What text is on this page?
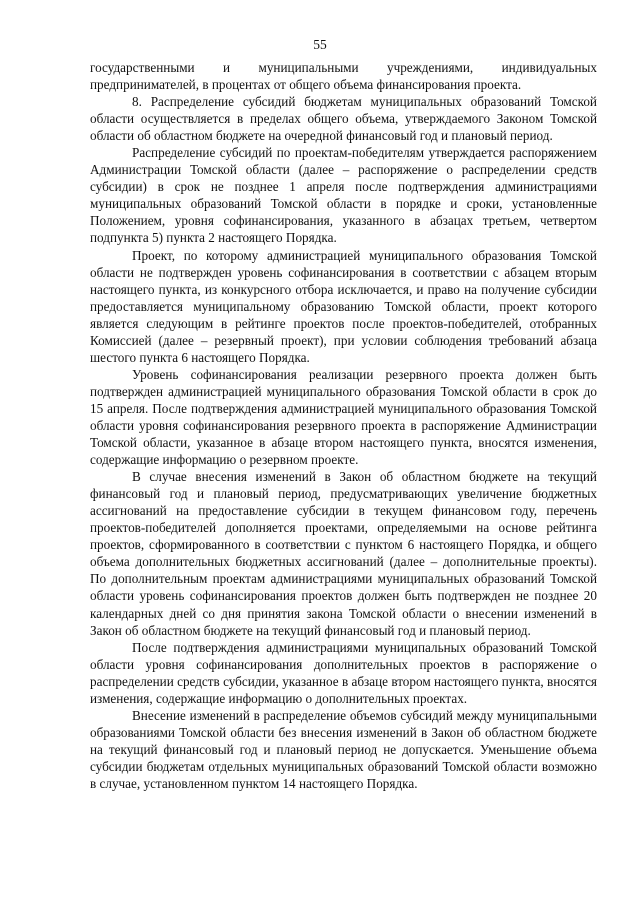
55

государственными и муниципальными учреждениями, индивидуальных предпринимателей, в процентах от общего объема финансирования проекта.

8. Распределение субсидий бюджетам муниципальных образований Томской области осуществляется в пределах общего объема, утверждаемого Законом Томской области об областном бюджете на очередной финансовый год и плановый период.

Распределение субсидий по проектам-победителям утверждается распоряжением Администрации Томской области (далее – распоряжение о распределении средств субсидии) в срок не позднее 1 апреля после подтверждения администрациями муниципальных образований Томской области в порядке и сроки, установленные Положением, уровня софинансирования, указанного в абзацах третьем, четвертом подпункта 5) пункта 2 настоящего Порядка.

Проект, по которому администрацией муниципального образования Томской области не подтвержден уровень софинансирования в соответствии с абзацем вторым настоящего пункта, из конкурсного отбора исключается, и право на получение субсидии предоставляется муниципальному образованию Томской области, проект которого является следующим в рейтинге проектов после проектов-победителей, отобранных Комиссией (далее – резервный проект), при условии соблюдения требований абзаца шестого пункта 6 настоящего Порядка.

Уровень софинансирования реализации резервного проекта должен быть подтвержден администрацией муниципального образования Томской области в срок до 15 апреля. После подтверждения администрацией муниципального образования Томской области уровня софинансирования резервного проекта в распоряжение Администрации Томской области, указанное в абзаце втором настоящего пункта, вносятся изменения, содержащие информацию о резервном проекте.

В случае внесения изменений в Закон об областном бюджете на текущий финансовый год и плановый период, предусматривающих увеличение бюджетных ассигнований на предоставление субсидии в текущем финансовом году, перечень проектов-победителей дополняется проектами, определяемыми на основе рейтинга проектов, сформированного в соответствии с пунктом 6 настоящего Порядка, и общего объема дополнительных бюджетных ассигнований (далее – дополнительные проекты). По дополнительным проектам администрациями муниципальных образований Томской области уровень софинансирования проектов должен быть подтвержден не позднее 20 календарных дней со дня принятия закона Томской области о внесении изменений в Закон об областном бюджете на текущий финансовый год и плановый период.

После подтверждения администрациями муниципальных образований Томской области уровня софинансирования дополнительных проектов в распоряжение о распределении средств субсидии, указанное в абзаце втором настоящего пункта, вносятся изменения, содержащие информацию о дополнительных проектах.

Внесение изменений в распределение объемов субсидий между муниципальными образованиями Томской области без внесения изменений в Закон об областном бюджете на текущий финансовый год и плановый период не допускается. Уменьшение объема субсидии бюджетам отдельных муниципальных образований Томской области возможно в случае, установленном пунктом 14 настоящего Порядка.
